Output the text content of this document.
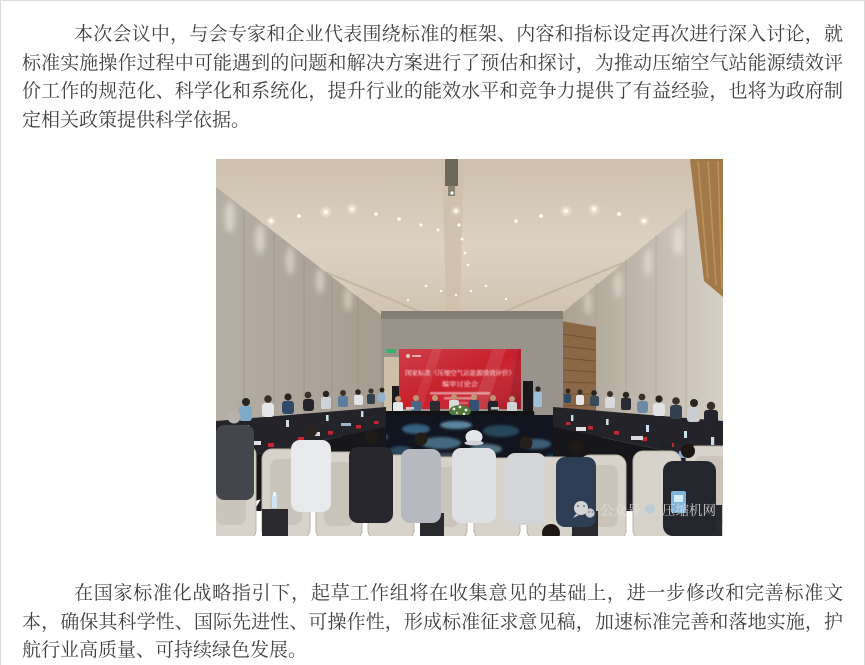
本次会议中，与会专家和企业代表围绕标准的框架、内容和指标设定再次进行深入讨论，就标准实施操作过程中可能遇到的问题和解决方案进行了预估和探讨，为推动压缩空气站能源绩效评价工作的规范化、科学化和系统化，提升行业的能效水平和竞争力提供了有益经验，也将为政府制定相关政策提供科学依据。

国家标准《压缩空气站能源绩效评价》
编审讨论会
公众号 压缩机网

在国家标准化战略指引下，起草工作组将在收集意见的基础上，进一步修改和完善标准文本，确保其科学性、国际先进性、可操作性，形成标准征求意见稿，加速标准完善和落地实施，护航行业高质量、可持续绿色发展。
